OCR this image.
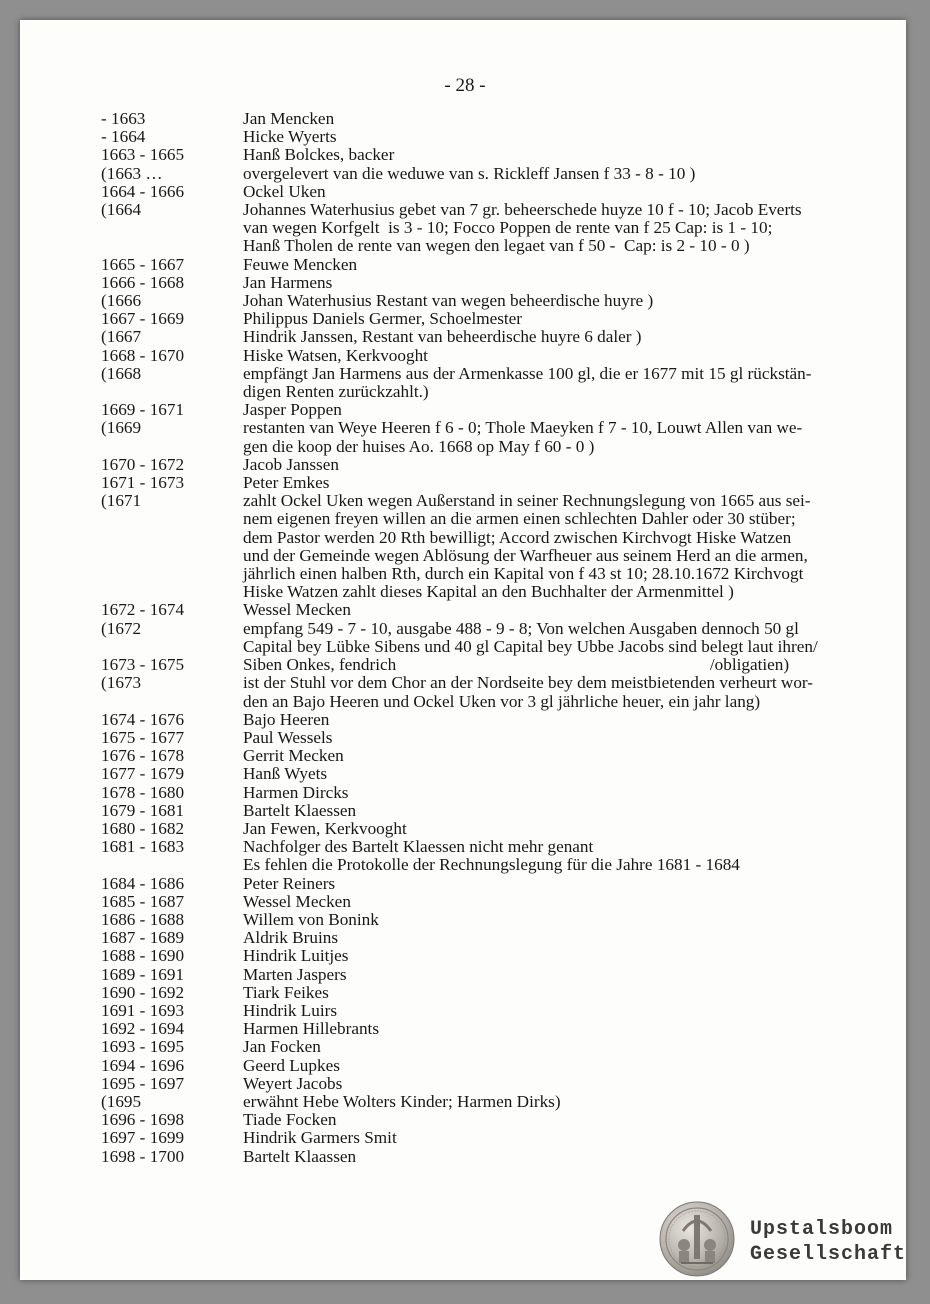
- 28 -
- 1663	Jan Mencken
- 1664	Hicke Wyerts
1663 - 1665	Hanß Bolckes, backer
(1663 …	overgelevert van die weduwe van s. Rickleff Jansen f 33 - 8 - 10 )
1664 - 1666	Ockel Uken
(1664	Johannes Waterhusius gebet van 7 gr. beheerschede huyze 10 f - 10; Jacob Everts
van wegen Korfgelt  is 3 - 10; Focco Poppen de rente van f 25 Cap: is 1 - 10;
Hanß Tholen de rente van wegen den legaet van f 50 -  Cap: is 2 - 10 - 0 )
1665 - 1667	Feuwe Mencken
1666 - 1668	Jan Harmens
(1666	Johan Waterhusius Restant van wegen beheerdische huyre )
1667 - 1669	Philippus Daniels Germer, Schoelmester
(1667	Hindrik Janssen, Restant van beheerdische huyre 6 daler )
1668 - 1670	Hiske Watsen, Kerkvooght
(1668	empfängt Jan Harmens aus der Armenkasse 100 gl, die er 1677 mit 15 gl rückstän-
digen Renten zurückzahlt.)
1669 - 1671	Jasper Poppen
(1669	restanten van Weye Heeren f 6 - 0; Thole Maeyken f 7 - 10, Louwt Allen van we-
gen die koop der huises Ao. 1668 op May f 60 - 0 )
1670 - 1672	Jacob Janssen
1671 - 1673	Peter Emkes
(1671	zahlt Ockel Uken wegen Außerstand in seiner Rechnungslegung von 1665 aus sei-
nem eigenen freyen willen an die armen einen schlechten Dahler oder 30 stüber;
dem Pastor werden 20 Rth bewilligt; Accord zwischen Kirchvogt Hiske Watzen
und der Gemeinde wegen Ablösung der Warfheuer aus seinem Herd an die armen,
jährlich einen halben Rth, durch ein Kapital von f 43 st 10; 28.10.1672 Kirchvogt
Hiske Watzen zahlt dieses Kapital an den Buchhalter der Armenmittel )
1672 - 1674	Wessel Mecken
(1672	empfang 549 - 7 - 10, ausgabe 488 - 9 - 8; Von welchen Ausgaben dennoch 50 gl
Capital bey Lübke Sibens und 40 gl Capital bey Ubbe Jacobs sind belegt laut ihren/
1673 - 1675	Siben Onkes, fendrich                                                                         /obligatien)
(1673	ist der Stuhl vor dem Chor an der Nordseite bey dem meistbietenden verheurt wor-
den an Bajo Heeren und Ockel Uken vor 3 gl jährliche heuer, ein jahr lang)
1674 - 1676	Bajo Heeren
1675 - 1677	Paul Wessels
1676 - 1678	Gerrit Mecken
1677 - 1679	Hanß Wyets
1678 - 1680	Harmen Dircks
1679 - 1681	Bartelt Klaessen
1680 - 1682	Jan Fewen, Kerkvooght
1681 - 1683	Nachfolger des Bartelt Klaessen nicht mehr genant
Es fehlen die Protokolle der Rechnungslegung für die Jahre 1681 - 1684
1684 - 1686	Peter Reiners
1685 - 1687	Wessel Mecken
1686 - 1688	Willem von Bonink
1687 - 1689	Aldrik Bruins
1688 - 1690	Hindrik Luitjes
1689 - 1691	Marten Jaspers
1690 - 1692	Tiark Feikes
1691 - 1693	Hindrik Luirs
1692 - 1694	Harmen Hillebrants
1693 - 1695	Jan Focken
1694 - 1696	Geerd Lupkes
1695 - 1697	Weyert Jacobs
(1695	erwähnt Hebe Wolters Kinder; Harmen Dirks)
1696 - 1698	Tiade Focken
1697 - 1699	Hindrik Garmers Smit
1698 - 1700	Bartelt Klaassen
Upstalsboom
Gesellschaft
